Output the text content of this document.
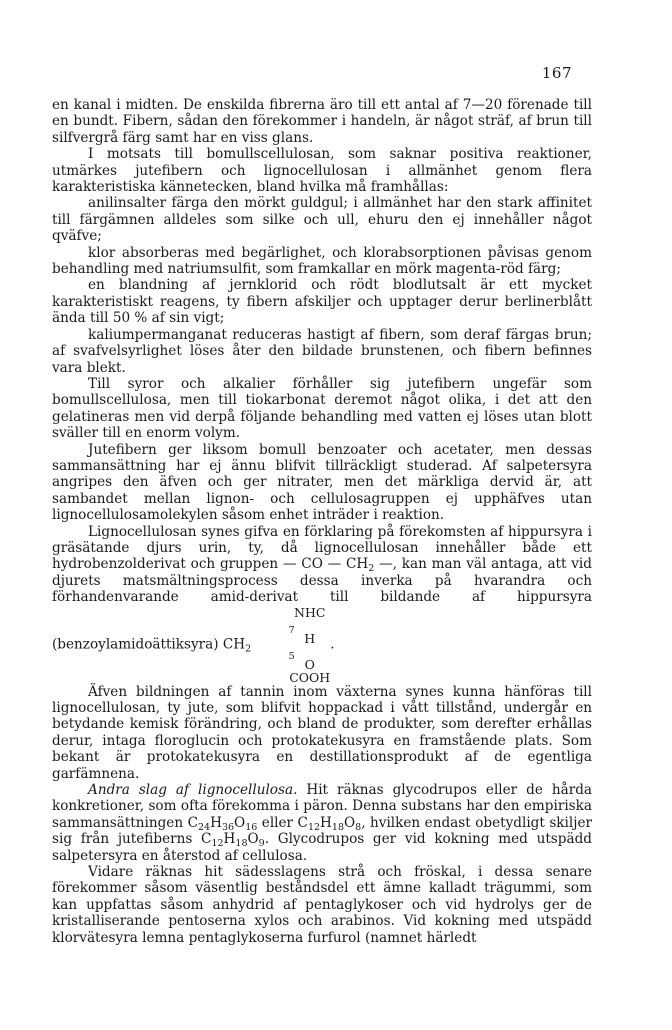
167

en kanal i midten. De enskilda fibrerna äro till ett antal af 7—20 förenade till en bundt. Fibern, sådan den förekommer i handeln, är något sträf, af brun till silfvergrå färg samt har en viss glans.

I motsats till bomullscellulosan, som saknar positiva reaktioner, utmärkes jutefibern och lignocellulosan i allmänhet genom flera karakteristiska kännetecken, bland hvilka må framhållas:

anilinsalter färga den mörkt guldgul; i allmänhet har den stark affinitet till färgämnen alldeles som silke och ull, ehuru den ej innehåller något qväfve;

klor absorberas med begärlighet, och klorabsorptionen påvisas genom behandling med natriumsulfit, som framkallar en mörk magenta-röd färg;

en blandning af jernklorid och rödt blodlutsalt är ett mycket karakteristiskt reagens, ty fibern afskiljer och upptager derur berlinerblått ända till 50 % af sin vigt;

kaliumpermanganat reduceras hastigt af fibern, som deraf färgas brun; af svafvelsyrlighet löses åter den bildade brunstenen, och fibern befinnes vara blekt.

Till syror och alkalier förhåller sig jutefibern ungefär som bomullscellulosa, men till tiokarbonat deremot något olika, i det att den gelatineras men vid derpå följande behandling med vatten ej löses utan blott sväller till en enorm volym.

Jutefibern ger liksom bomull benzoater och acetater, men dessas sammansättning har ej ännu blifvit tillräckligt studerad. Af salpetersyra angripes den äfven och ger nitrater, men det märkliga dervid är, att sambandet mellan lignon- och cellulosagruppen ej upphäfves utan lignocellulosamolekylen såsom enhet inträder i reaktion.

Lignocellulosan synes gifva en förklaring på förekomsten af hippursyra i gräsätande djurs urin, ty, då lignocellulosan innehåller både ett hydrobenzolderivat och gruppen — CO — $CH_2$ —, kan man väl antaga, att vid djurets matsmältningsprocess dessa inverka på hvarandra och förhandenvarande amid-derivat till bildande af hippursyra (benzoylamidoättiksyra) $CH_2$
NHC
$_7$
H
$_5$
O
COOH
.

Äfven bildningen af tannin inom växterna synes kunna hänföras till lignocellulosan, ty jute, som blifvit hoppackad i vått tillstånd, undergår en betydande kemisk förändring, och bland de produkter, som derefter erhållas derur, intaga floroglucin och protokatekusyra en framstående plats. Som bekant är protokatekusyra en destillationsprodukt af de egentliga garfämnena.

Andra slag af lignocellulosa. Hit räknas glycodrupos eller de hårda konkretioner, som ofta förekomma i päron. Denna substans har den empiriska sammansättningen $C_{24}H_{36}O_{16}$ eller $C_{12}H_{18}O_8$, hvilken endast obetydligt skiljer sig från jutefiberns $C_{12}H_{18}O_9$. Glycodrupos ger vid kokning med utspädd salpetersyra en återstod af cellulosa.

Vidare räknas hit sädesslagens strå och fröskal, i dessa senare förekommer såsom väsentlig beståndsdel ett ämne kalladt trägummi, som kan uppfattas såsom anhydrid af pentaglykoser och vid hydrolys ger de kristalliserande pentoserna xylos och arabinos. Vid kokning med utspädd klorvätesyra lemna pentaglykoserna furfurol (namnet härledt
